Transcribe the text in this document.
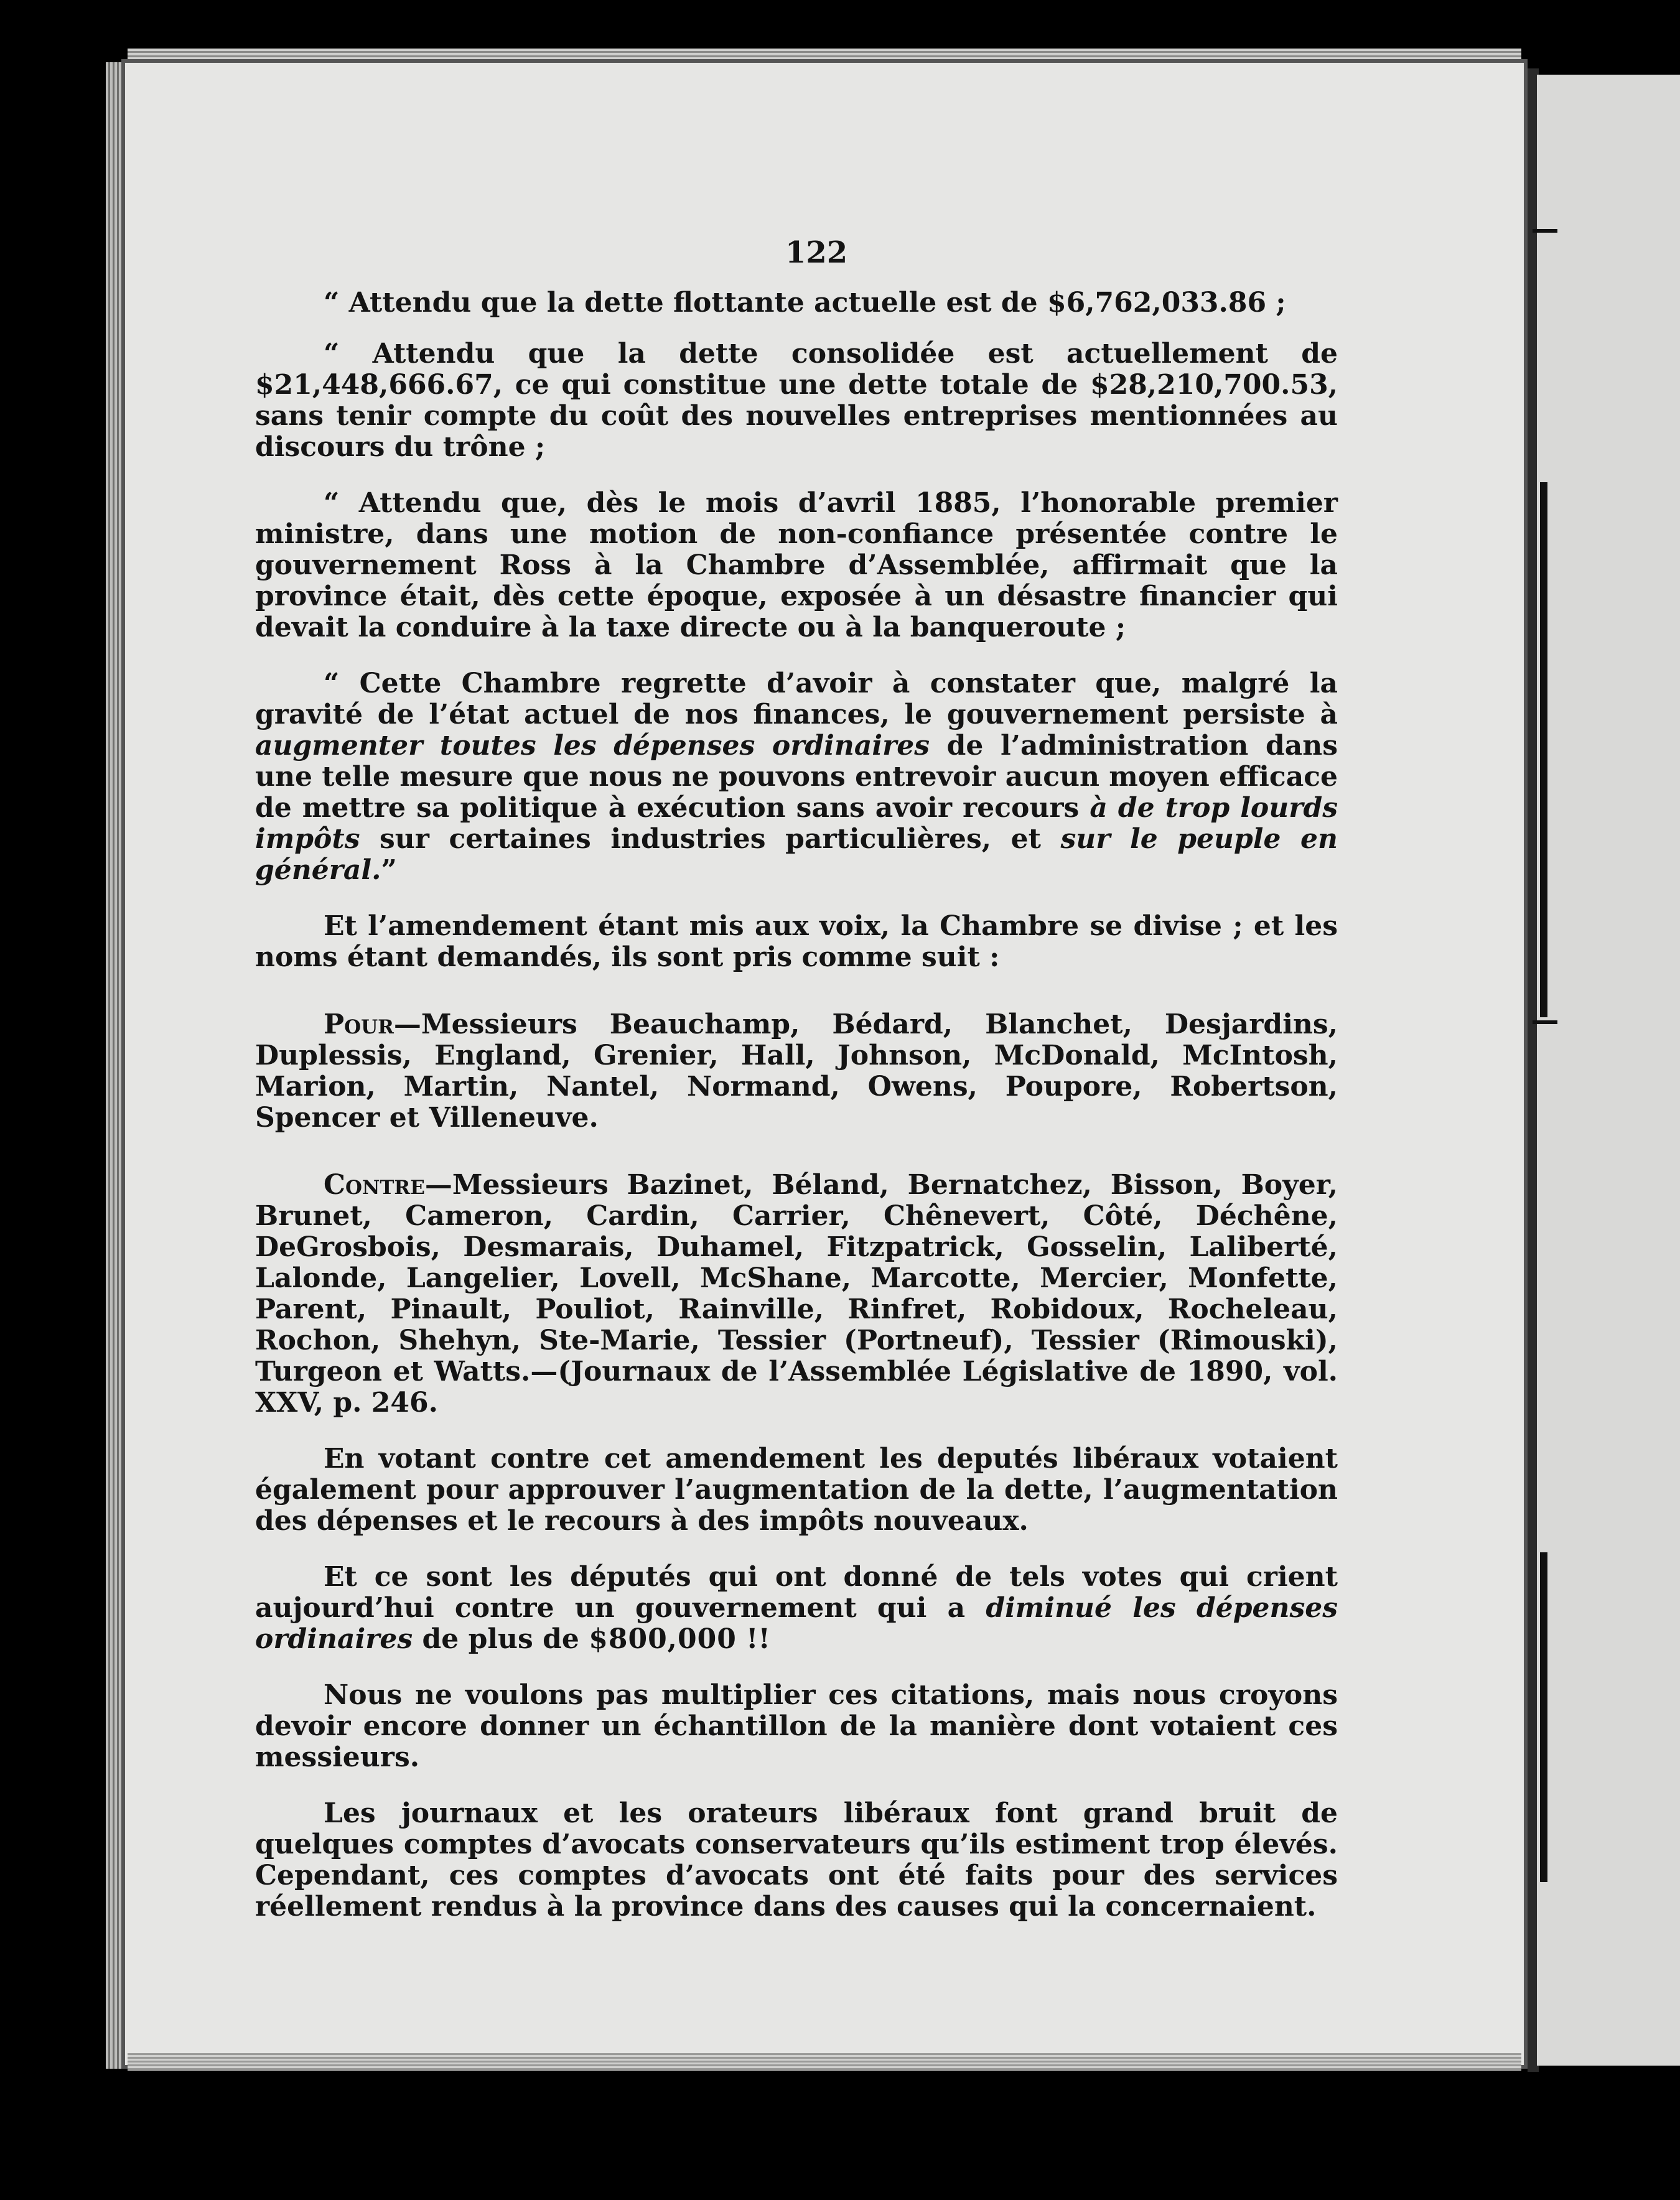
122

“ Attendu que la dette flottante actuelle est de $6,762,033.86 ;

“ Attendu que la dette consolidée est actuellement de $21,448,666.67, ce qui constitue une dette totale de $28,210,700.53, sans tenir compte du coût des nouvelles entreprises mentionnées au discours du trône ;

“ Attendu que, dès le mois d’avril 1885, l’honorable premier ministre, dans une motion de non-confiance présentée contre le gouvernement Ross à la Chambre d’Assemblée, affirmait que la province était, dès cette époque, exposée à un désastre financier qui devait la conduire à la taxe directe ou à la banqueroute ;

“ Cette Chambre regrette d’avoir à constater que, malgré la gravité de l’état actuel de nos finances, le gouvernement persiste à augmenter toutes les dépenses ordinaires de l’administration dans une telle mesure que nous ne pouvons entrevoir aucun moyen efficace de mettre sa politique à exécution sans avoir recours à de trop lourds impôts sur certaines industries particulières, et sur le peuple en général.”

Et l’amendement étant mis aux voix, la Chambre se divise ; et les noms étant demandés, ils sont pris comme suit :

Pour—Messieurs Beauchamp, Bédard, Blanchet, Desjardins, Duplessis, England, Grenier, Hall, Johnson, McDonald, McIntosh, Marion, Martin, Nantel, Normand, Owens, Poupore, Robertson, Spencer et Villeneuve.

Contre—Messieurs Bazinet, Béland, Bernatchez, Bisson, Boyer, Brunet, Cameron, Cardin, Carrier, Chênevert, Côté, Déchêne, DeGrosbois, Desmarais, Duhamel, Fitzpatrick, Gosselin, Laliberté, Lalonde, Langelier, Lovell, McShane, Marcotte, Mercier, Monfette, Parent, Pinault, Pouliot, Rainville, Rinfret, Robidoux, Rocheleau, Rochon, Shehyn, Ste-Marie, Tessier (Portneuf), Tessier (Rimouski), Turgeon et Watts.—(Journaux de l’Assemblée Législative de 1890, vol. XXV, p. 246.

En votant contre cet amendement les deputés libéraux votaient également pour approuver l’augmentation de la dette, l’augmentation des dépenses et le recours à des impôts nouveaux.

Et ce sont les députés qui ont donné de tels votes qui crient aujourd’hui contre un gouvernement qui a diminué les dépenses ordinaires de plus de $800,000 !!

Nous ne voulons pas multiplier ces citations, mais nous croyons devoir encore donner un échantillon de la manière dont votaient ces messieurs.

Les journaux et les orateurs libéraux font grand bruit de quelques comptes d’avocats conservateurs qu’ils estiment trop élevés. Cependant, ces comptes d’avocats ont été faits pour des services réellement rendus à la province dans des causes qui la concernaient.
